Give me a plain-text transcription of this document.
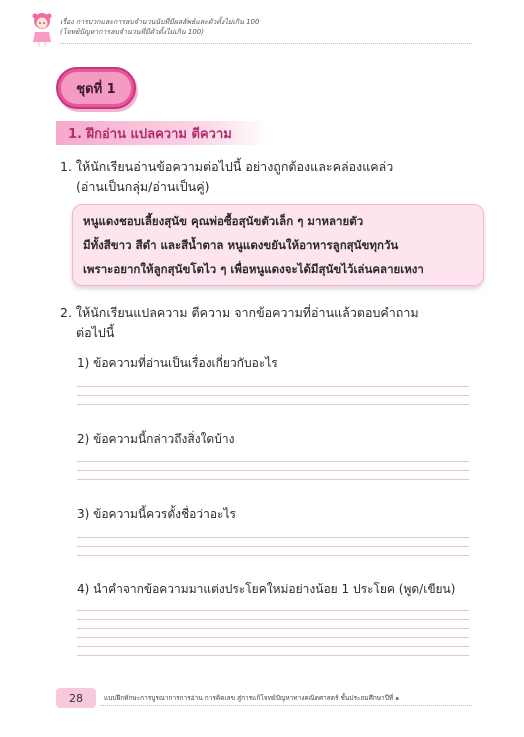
เรื่อง การบวกและการลบจำนวนนับที่มีผลลัพธ์และตัวตั้งไม่เกิน 100
(โจทย์ปัญหาการลบจำนวนที่มีตัวตั้งไม่เกิน 100)
ชุดที่ 1
1. ฝึกอ่าน แปลความ ตีความ
1. ให้นักเรียนอ่านข้อความต่อไปนี้ อย่างถูกต้องและคล่องแคล่ว
(อ่านเป็นกลุ่ม/อ่านเป็นคู่)
หนูแดงชอบเลี้ยงสุนัข คุณพ่อซื้อสุนัขตัวเล็ก ๆ มาหลายตัว
มีทั้งสีขาว สีดำ และสีน้ำตาล หนูแดงขยันให้อาหารลูกสุนัขทุกวัน
เพราะอยากให้ลูกสุนัขโตไว ๆ เพื่อหนูแดงจะได้มีสุนัขไว้เล่นคลายเหงา
2. ให้นักเรียนแปลความ ตีความ จากข้อความที่อ่านแล้วตอบคำถาม
ต่อไปนี้
1) ข้อความที่อ่านเป็นเรื่องเกี่ยวกับอะไร
2) ข้อความนี้กล่าวถึงสิ่งใดบ้าง
3) ข้อความนี้ควรตั้งชื่อว่าอะไร
4) นำคำจากข้อความมาแต่งประโยคใหม่อย่างน้อย 1 ประโยค (พูด/เขียน)
28	แบบฝึกทักษะการบูรณาการการอ่าน การคิดเลข สู่การแก้โจทย์ปัญหาทางคณิตศาสตร์ ชั้นประถมศึกษาปีที่ ๑
